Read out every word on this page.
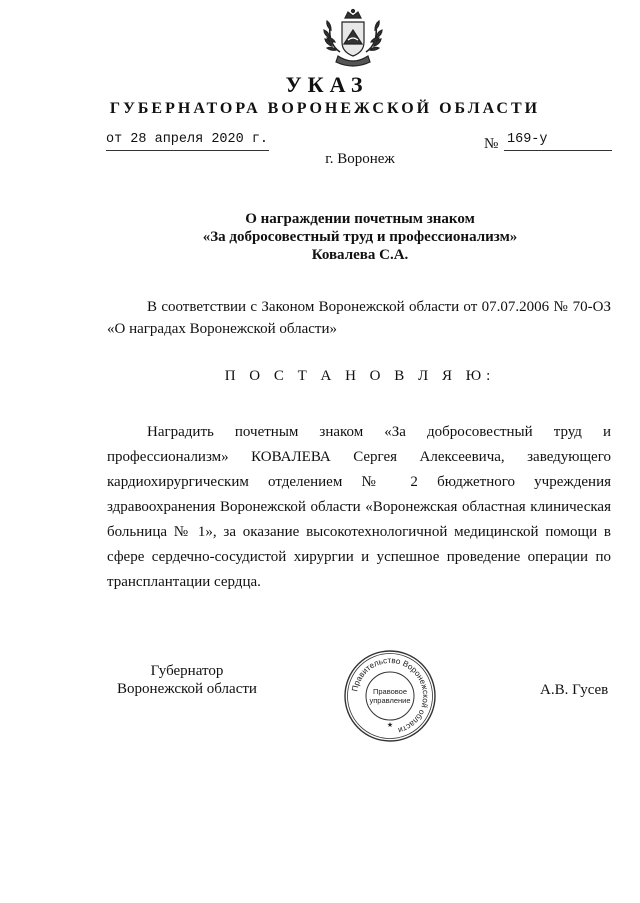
УКАЗ
ГУБЕРНАТОРА ВОРОНЕЖСКОЙ ОБЛАСТИ
от 28 апреля 2020 г.	№ 169-у
г. Воронеж
О награждении почетным знаком
«За добросовестный труд и профессионализм»
Ковалева С.А.
В соответствии с Законом Воронежской области от 07.07.2006 № 70-ОЗ «О наградах Воронежской области»
П О С Т А Н О В Л Я Ю:
Наградить почетным знаком «За добросовестный труд и профессионализм» КОВАЛЕВА Сергея Алексеевича, заведующего кардиохирургическим отделением № 2 бюджетного учреждения здравоохранения Воронежской области «Воронежская областная клиническая больница № 1», за оказание высокотехнологичной медицинской помощи в сфере сердечно-сосудистой хирургии и успешное проведение операции по трансплантации сердца.
Губернатор
Воронежской области	Правительство Воронежской области
Правовое
управление
★
А.В. Гусев
